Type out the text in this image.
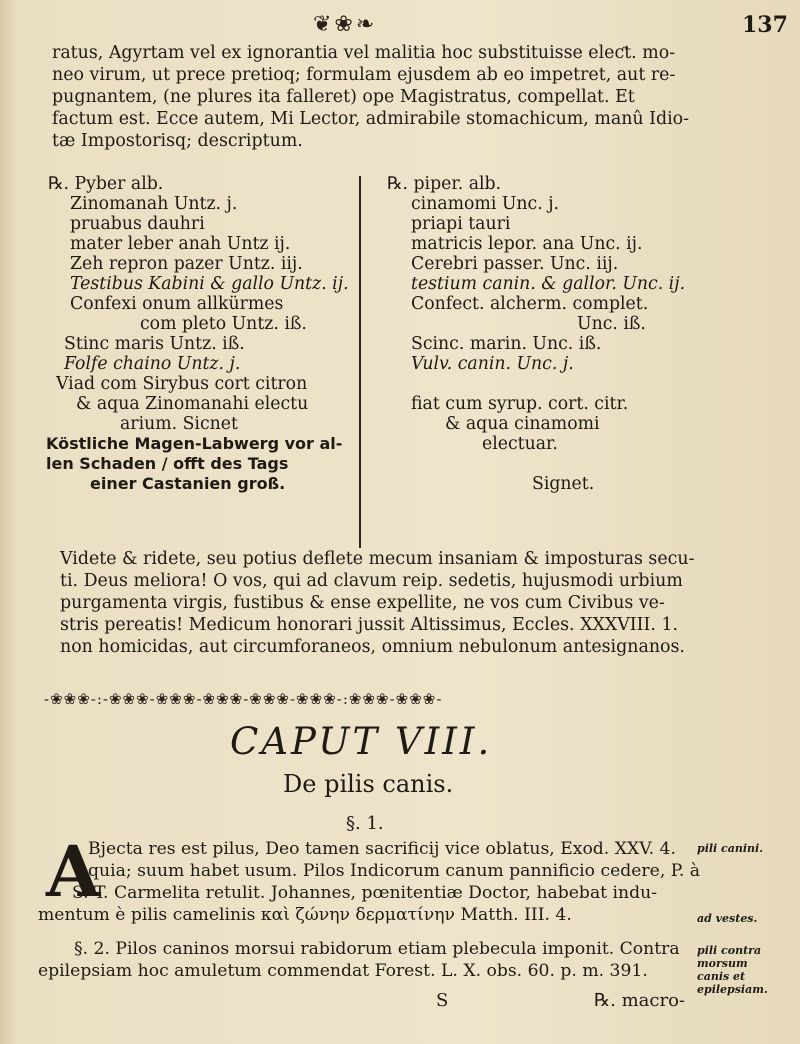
❦❀❧	137

ratus, Agyrtam vel ex ignorantia vel malitia hoc substituisse eleƈt. mo-

neo virum, ut prece pretioq; formulam ejusdem ab eo impetret, aut re-

pugnantem, (ne plures ita falleret) ope Magistratus, compellat. Et

factum est. Ecce autem, Mi Lector, admirabile stomachicum, manû Idio-

tæ Impostorisq; descriptum.

℞. Pyber alb.
Zinomanah Untz. j.
pruabus dauhri
mater leber anah Untz ij.
Zeh repron pazer Untz. iij.
Testibus Kabini & gallo Untz. ij.
Confexi onum allkürmes
com pleto Untz. iß.
Stinc maris Untz. iß.
Folfe chaino Untz. j.
Viad com Sirybus cort citron
& aqua Zinomanahi electu
arium. Sicnet
Köstliche Magen-Labwerg vor al-
len Schaden / offt des Tags
einer Castanien groß.
℞. piper. alb.
cinamomi Unc. j.
priapi tauri
matricis lepor. ana Unc. ij.
Cerebri passer. Unc. iij.
testium canin. & gallor. Unc. ij.
Confect. alcherm. complet.
Unc. iß.
Scinc. marin. Unc. iß.
Vulv. canin. Unc. j.

fiat cum syrup. cort. citr.
& aqua cinamomi
electuar.

Signet.

Videte & ridete, seu potius deflete mecum insaniam & imposturas secu-

ti. Deus meliora! O vos, qui ad clavum reip. sedetis, hujusmodi urbium

purgamenta virgis, fustibus & ense expellite, ne vos cum Civibus ve-

stris pereatis! Medicum honorari jussit Altissimus, Eccles. XXXVIII. 1.

non homicidas, aut circumforaneos, omnium nebulonum antesignanos.

-❀❀❀-:-❀❀❀-❀❀❀-❀❀❀-❀❀❀-❀❀❀-:❀❀❀-❀❀❀-
CAPUT VIII.
De pilis canis.
§. 1.
A
Bjecta res est pilus, Deo tamen sacrificij vice oblatus, Exod. XXV. 4.
quia; suum habet usum. Pilos Indicorum canum pannificio cedere, P. à
S. T. Carmelita retulit. Johannes, pœnitentiæ Doctor, habebat indu-
mentum è pilis camelinis καὶ ζώνην δερματίνην Matth. III. 4.
pili canini.
ad vestes.
§. 2. Pilos caninos morsui rabidorum etiam plebecula imponit. Contra
epilepsiam hoc amuletum commendat Forest. L. X. obs. 60. p. m. 391.
pili contra morsum canis et epilepsiam.
S	℞. macro-
